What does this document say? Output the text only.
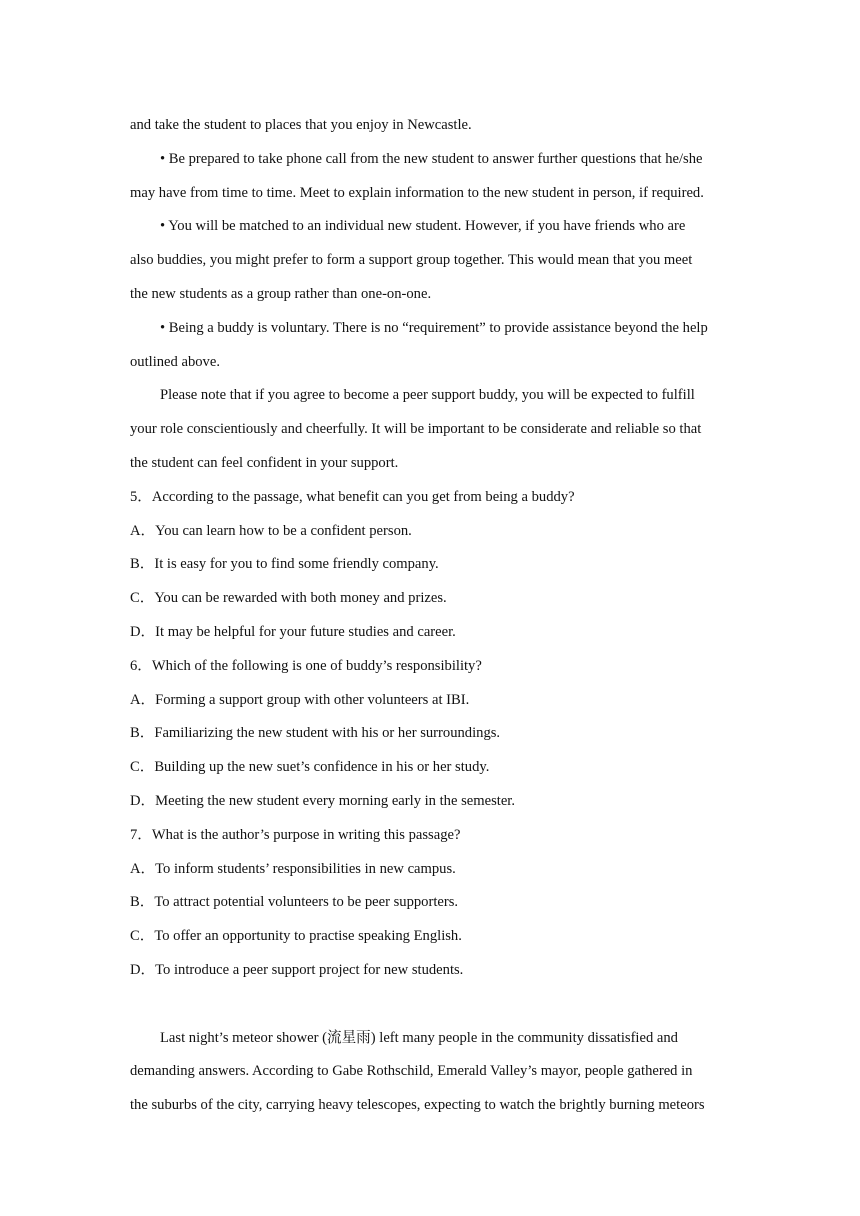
and take the student to places that you enjoy in Newcastle.

• Be prepared to take phone call from the new student to answer further questions that he/she

may have from time to time. Meet to explain information to the new student in person, if required.

• You will be matched to an individual new student. However, if you have friends who are

also buddies, you might prefer to form a support group together. This would mean that you meet

the new students as a group rather than one-on-one.

• Being a buddy is voluntary. There is no “requirement” to provide assistance beyond the help

outlined above.

Please note that if you agree to become a peer support buddy, you will be expected to fulfill

your role conscientiously and cheerfully. It will be important to be considerate and reliable so that

the student can feel confident in your support.

5．According to the passage, what benefit can you get from being a buddy?

A．You can learn how to be a confident person.

B．It is easy for you to find some friendly company.

C．You can be rewarded with both money and prizes.

D．It may be helpful for your future studies and career.

6．Which of the following is one of buddy’s responsibility?

A．Forming a support group with other volunteers at IBI.

B．Familiarizing the new student with his or her surroundings.

C．Building up the new suet’s confidence in his or her study.

D．Meeting the new student every morning early in the semester.

7．What is the author’s purpose in writing this passage?

A．To inform students’ responsibilities in new campus.

B．To attract potential volunteers to be peer supporters.

C．To offer an opportunity to practise speaking English.

D．To introduce a peer support project for new students.

Last night’s meteor shower (流星雨) left many people in the community dissatisfied and

demanding answers. According to Gabe Rothschild, Emerald Valley’s mayor, people gathered in

the suburbs of the city, carrying heavy telescopes, expecting to watch the brightly burning meteors
